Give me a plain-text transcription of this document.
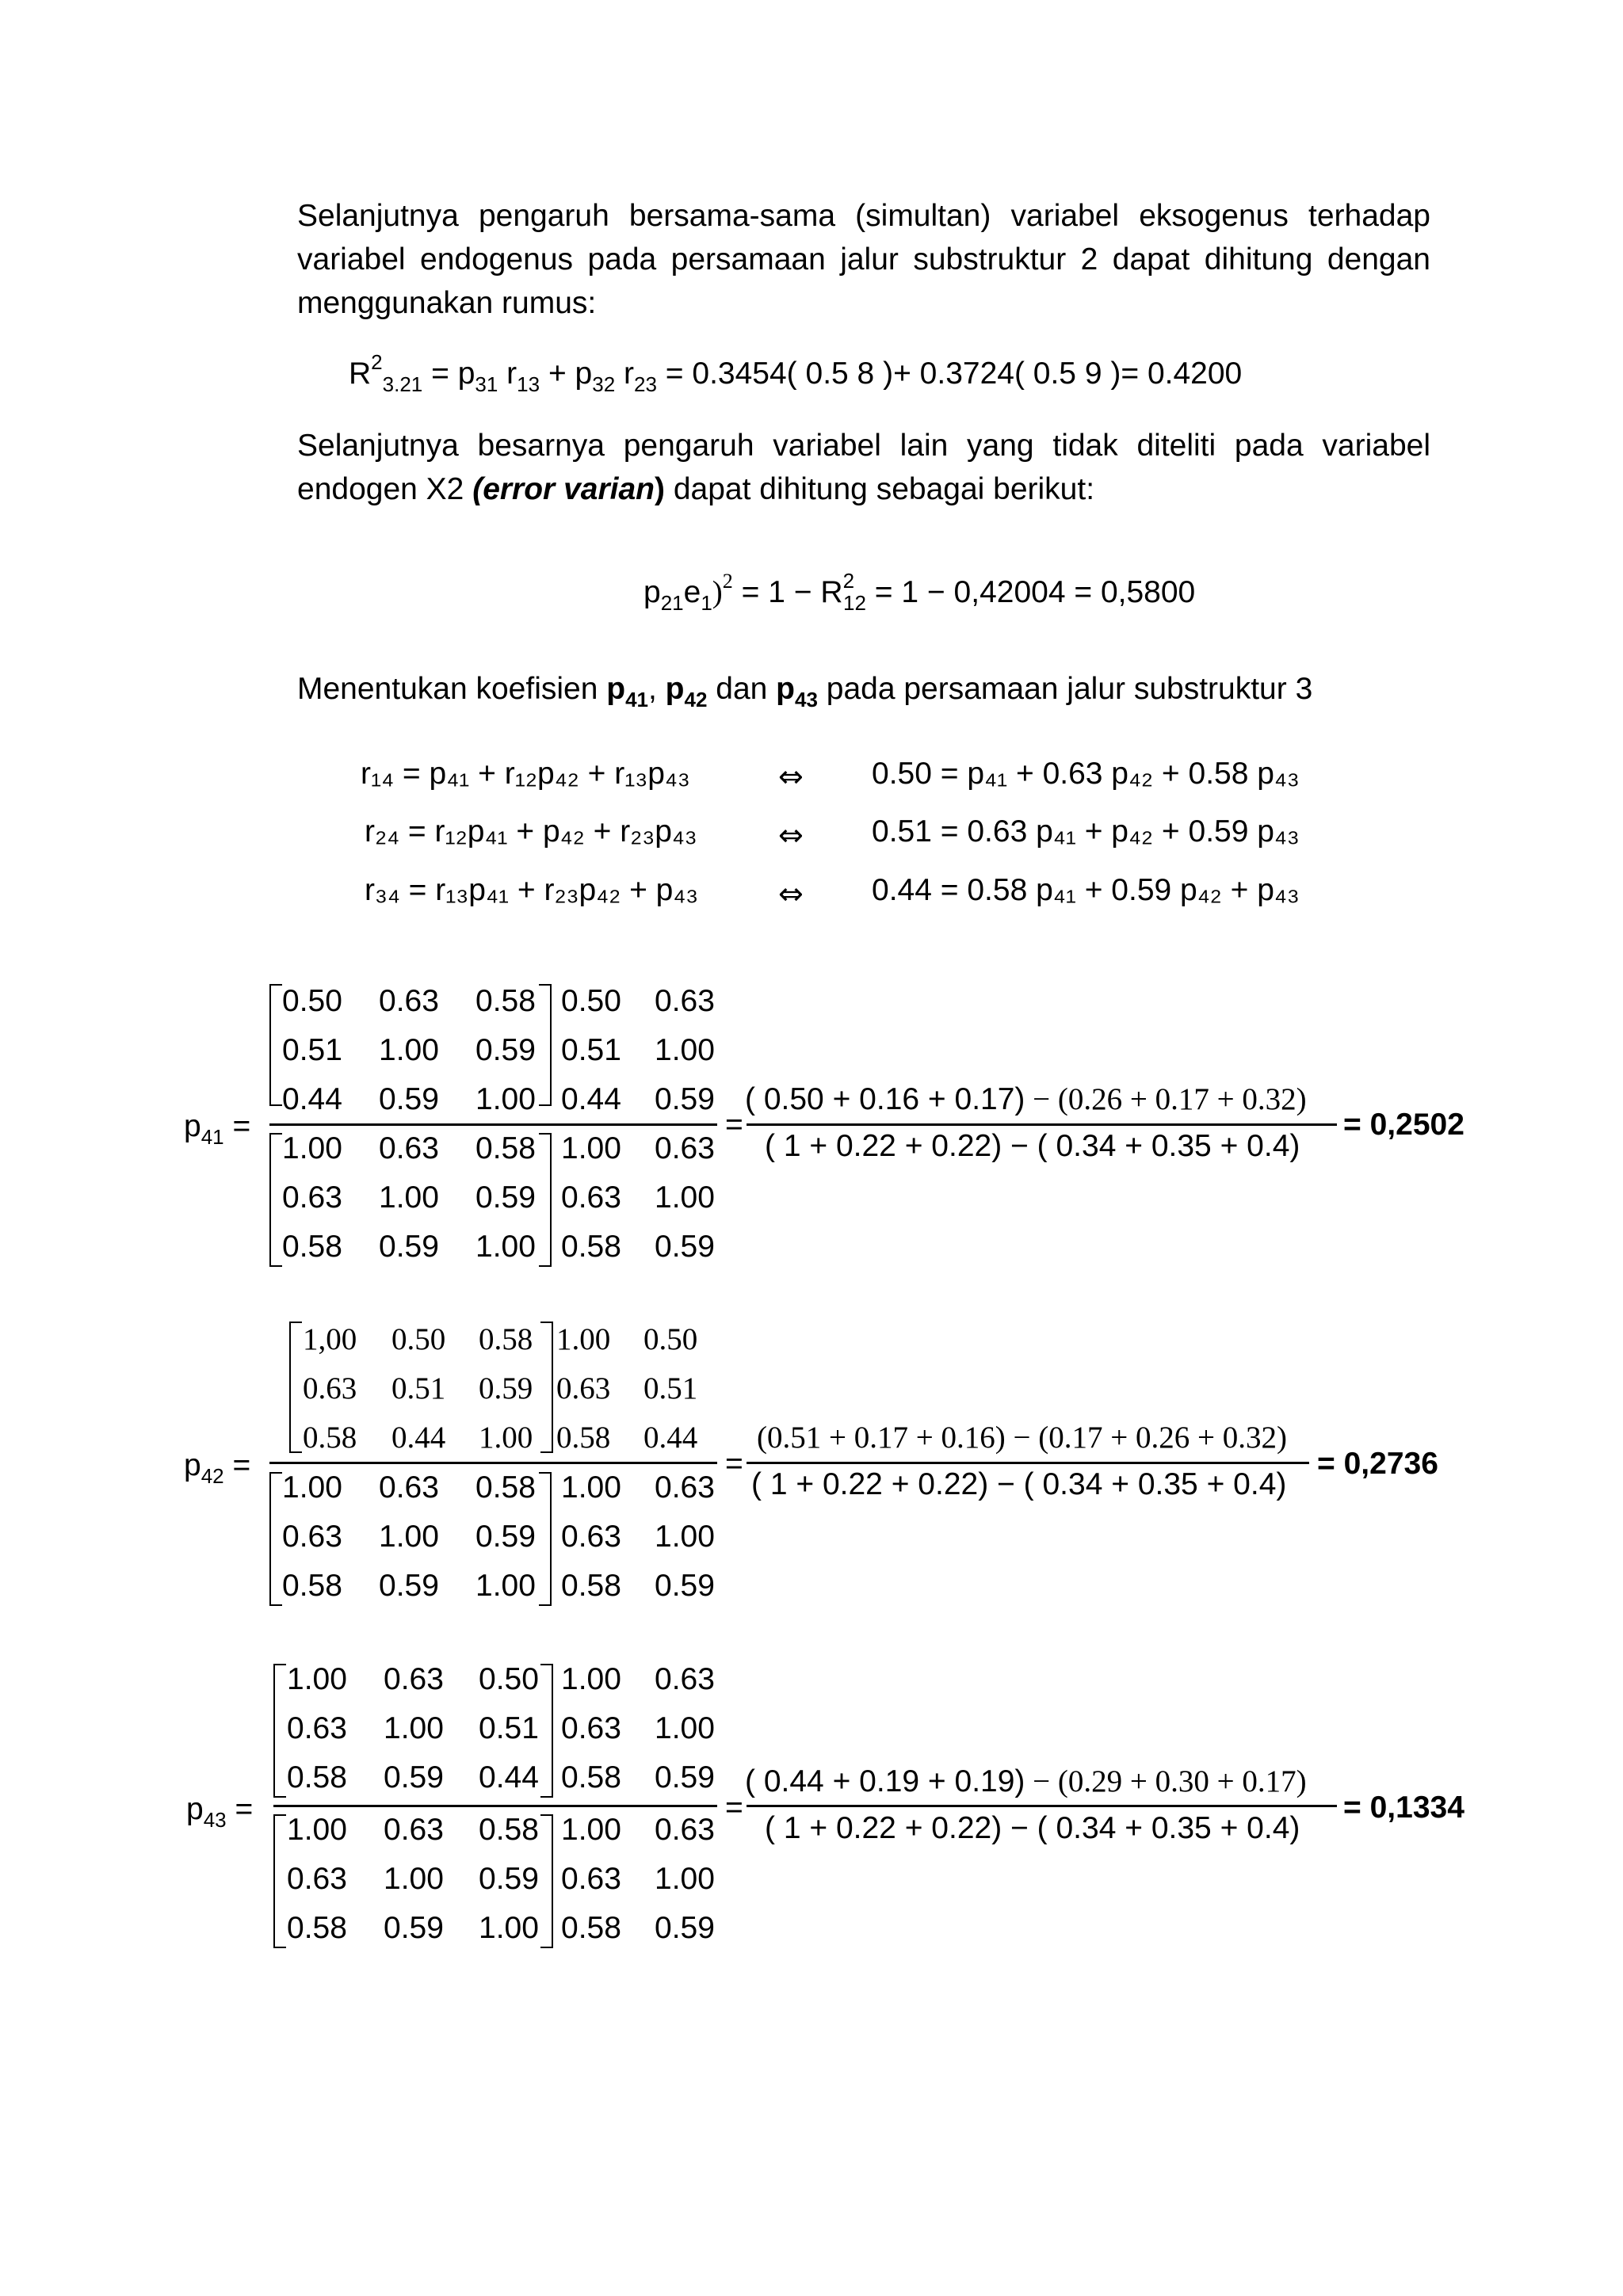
Selanjutnya pengaruh bersama-sama (simultan) variabel eksogenus terhadap variabel endogenus pada persamaan jalur substruktur 2 dapat dihitung dengan menggunakan rumus:
$R^2_{3.21} = p_{31}$ $r_{13} + p_{32}$ $r_{23} = 0.3454$( 0.5 8 )+ 0.3724( 0.5 9 )= 0.4200
Selanjutnya besarnya pengaruh variabel lain yang tidak diteliti pada variabel endogen X2 (error varian) dapat dihitung sebagai berikut:
$p_{21}e_1)^2 = 1 - R^2_{12} = 1 - 0,42004 = 0,5800$
Menentukan koefisien $p_{41}$, $p_{42}$ dan $p_{43}$ pada persamaan jalur substruktur 3
r₁₄ = p₄₁ + r₁₂p₄₂ + r₁₃p₄₃	⇔ 0.50 = p₄₁ + 0.63 p₄₂ + 0.58 p₄₃
r₂₄ = r₁₂p₄₁ + p₄₂ + r₂₃p₄₃	⇔ 0.51 = 0.63 p₄₁ + p₄₂ + 0.59 p₄₃
r₃₄ = r₁₃p₄₁ + r₂₃p₄₂ + p₄₃	⇔ 0.44 = 0.58 p₄₁ + 0.59 p₄₂ + p₄₃
$p_{41}$ =
0.50 0.63 0.58 0.50 0.63
0.51 1.00 0.59 0.51 1.00
0.44 0.59 1.00 0.44 0.59
1.00 0.63 0.58 1.00 0.63
0.63 1.00 0.59 0.63 1.00
0.58 0.59 1.00 0.58 0.59
=
( 0.50 + 0.16 + 0.17) − (0.26 + 0.17 + 0.32)
( 1 + 0.22 + 0.22) − ( 0.34 + 0.35 + 0.4)
= 0,2502
$p_{42}$ =
1,00 0.50 0.58 1.00 0.50
0.63 0.51 0.59 0.63 0.51
0.58 0.44 1.00 0.58 0.44
1.00 0.63 0.58 1.00 0.63
0.63 1.00 0.59 0.63 1.00
0.58 0.59 1.00 0.58 0.59
=
(0.51 + 0.17 + 0.16) − (0.17 + 0.26 + 0.32)
( 1 + 0.22 + 0.22) − ( 0.34 + 0.35 + 0.4)
= 0,2736
$p_{43}$ =
1.00 0.63 0.50 1.00 0.63
0.63 1.00 0.51 0.63 1.00
0.58 0.59 0.44 0.58 0.59
1.00 0.63 0.58 1.00 0.63
0.63 1.00 0.59 0.63 1.00
0.58 0.59 1.00 0.58 0.59
=
( 0.44 + 0.19 + 0.19) − (0.29 + 0.30 + 0.17)
( 1 + 0.22 + 0.22) − ( 0.34 + 0.35 + 0.4)
= 0,1334
